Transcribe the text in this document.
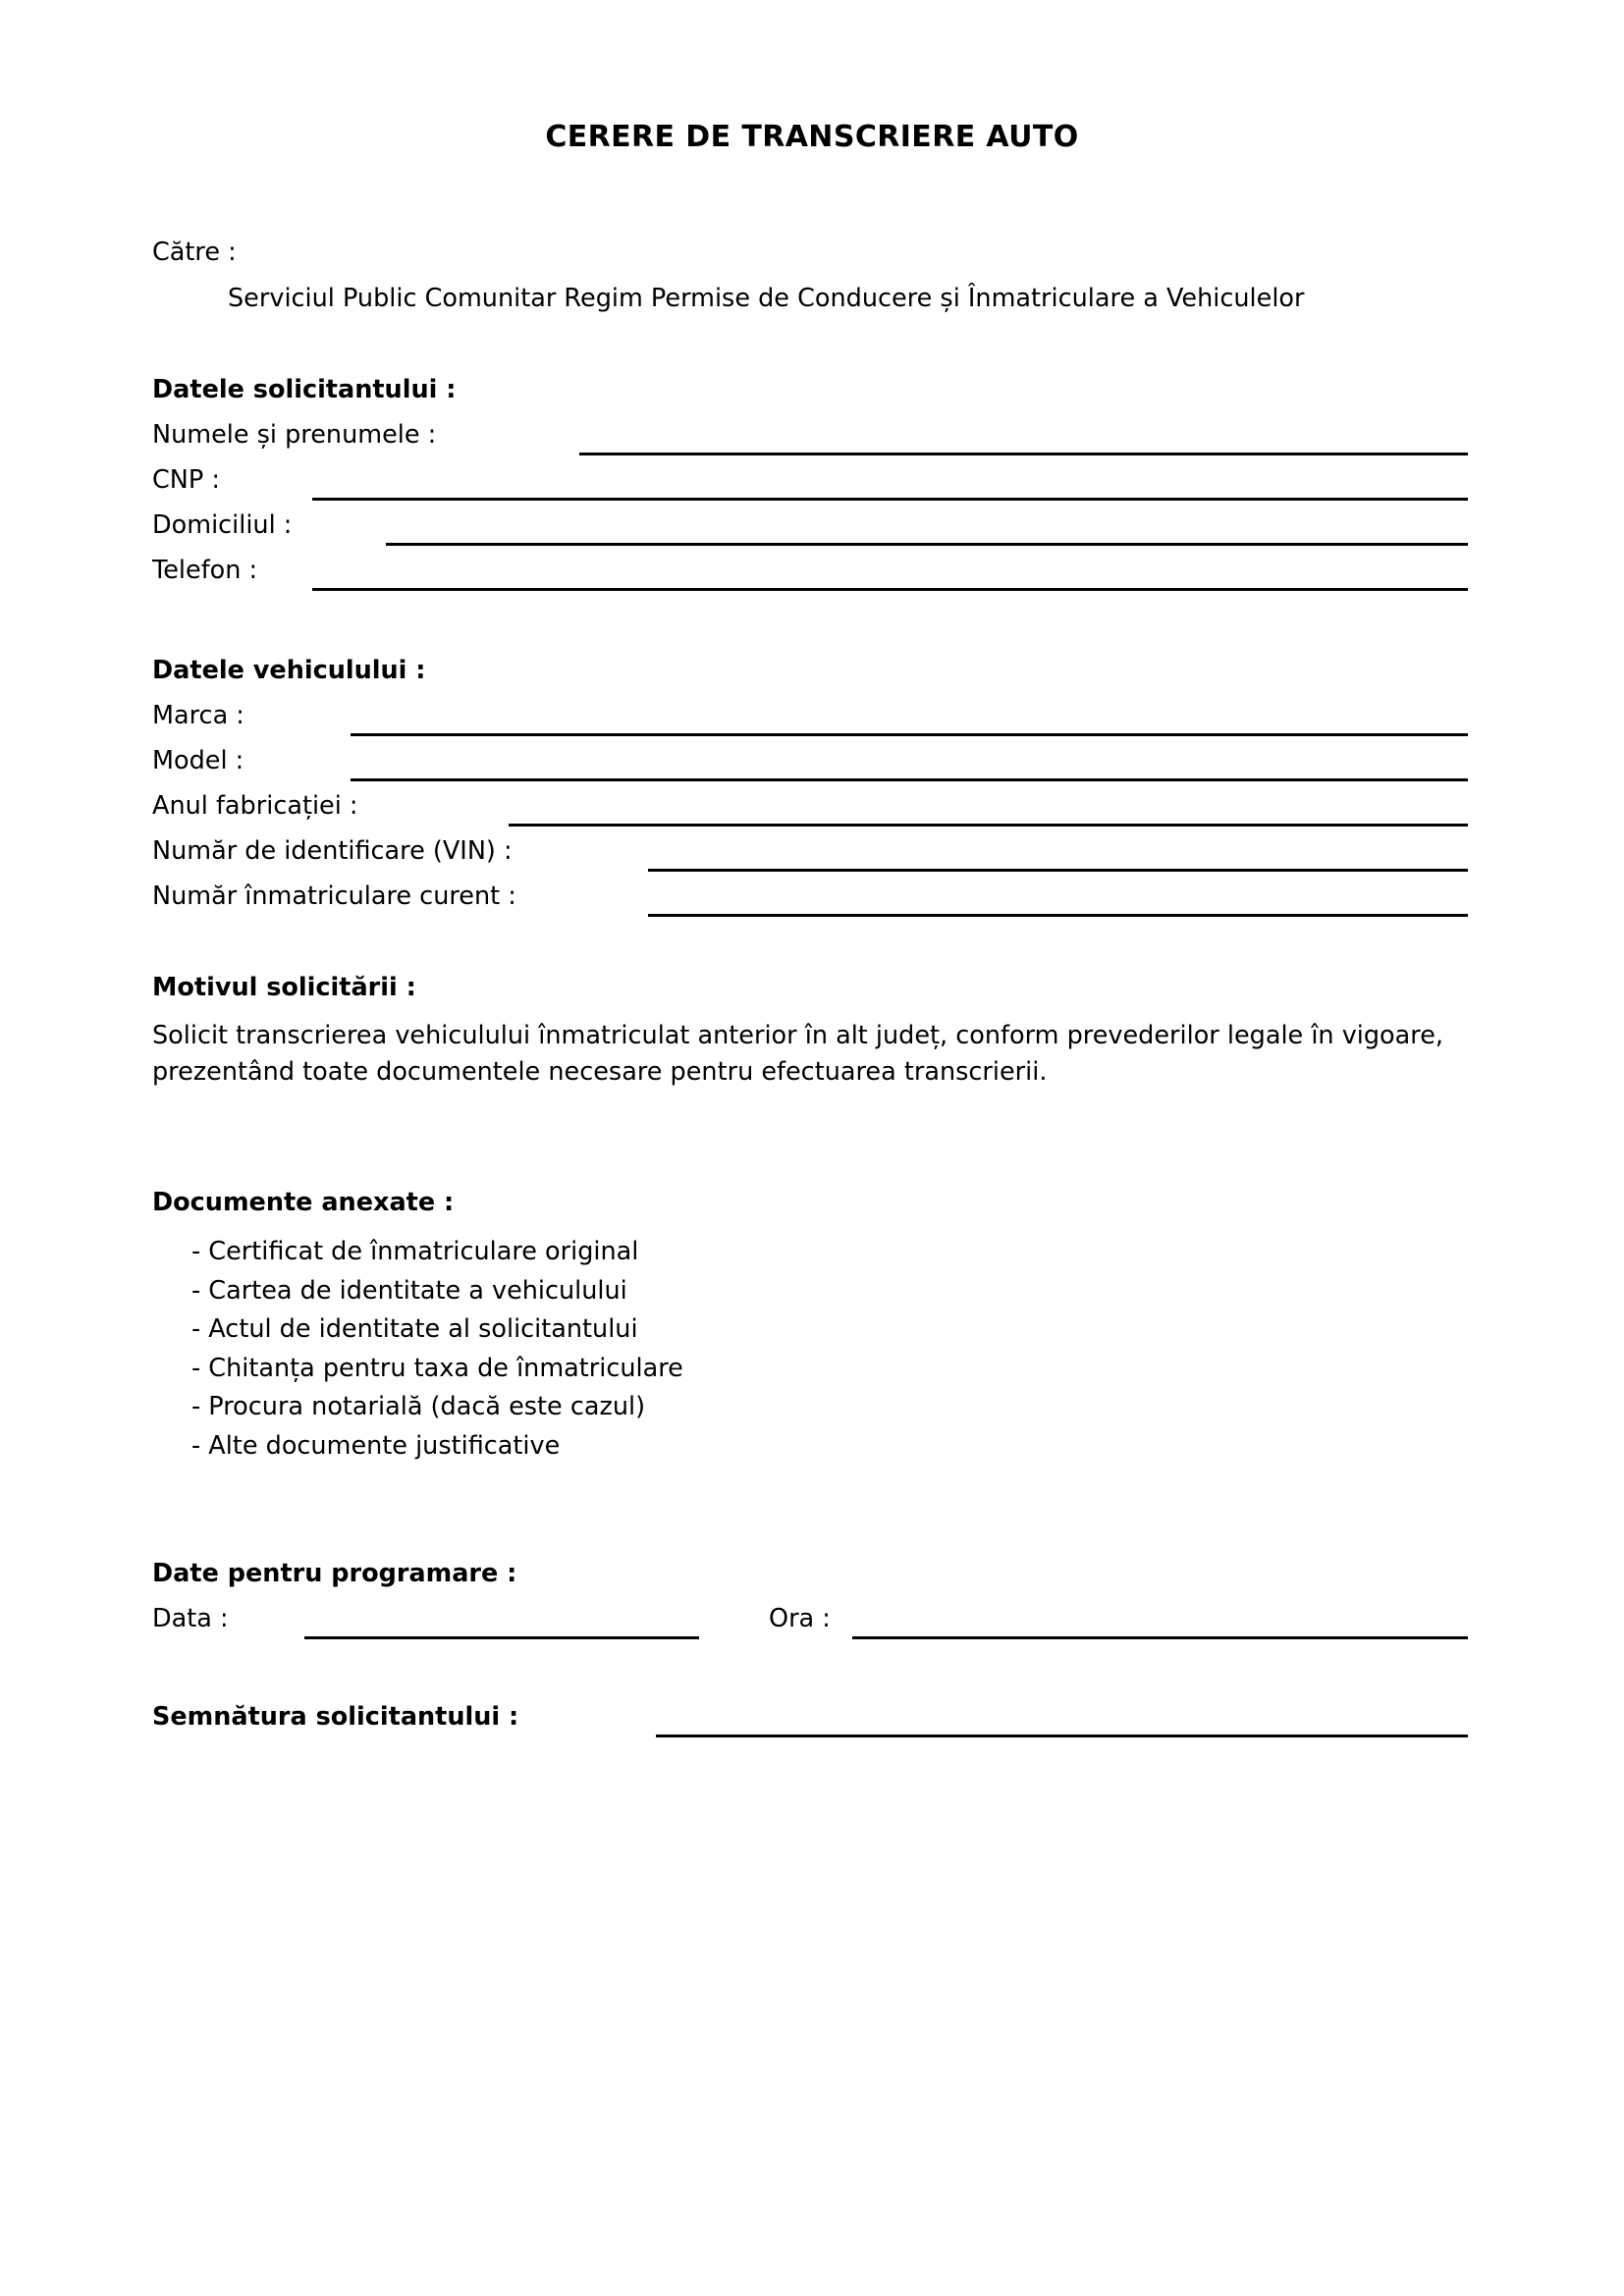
CERERE DE TRANSCRIERE AUTO
Către :
Serviciul Public Comunitar Regim Permise de Conducere și Înmatriculare a Vehiculelor
Datele solicitantului :
Numele și prenumele :
CNP :
Domiciliul :
Telefon :
Datele vehiculului :
Marca :
Model :
Anul fabricației :
Număr de identificare (VIN) :
Număr înmatriculare curent :
Motivul solicitării :
Solicit transcrierea vehiculului înmatriculat anterior în alt județ, conform prevederilor legale în vigoare, prezentând toate documentele necesare pentru efectuarea transcrierii.
Documente anexate :
- Certificat de înmatriculare original
- Cartea de identitate a vehiculului
- Actul de identitate al solicitantului
- Chitanța pentru taxa de înmatriculare
- Procura notarială (dacă este cazul)
- Alte documente justificative
Date pentru programare :
Data :	Ora :
Semnătura solicitantului :
